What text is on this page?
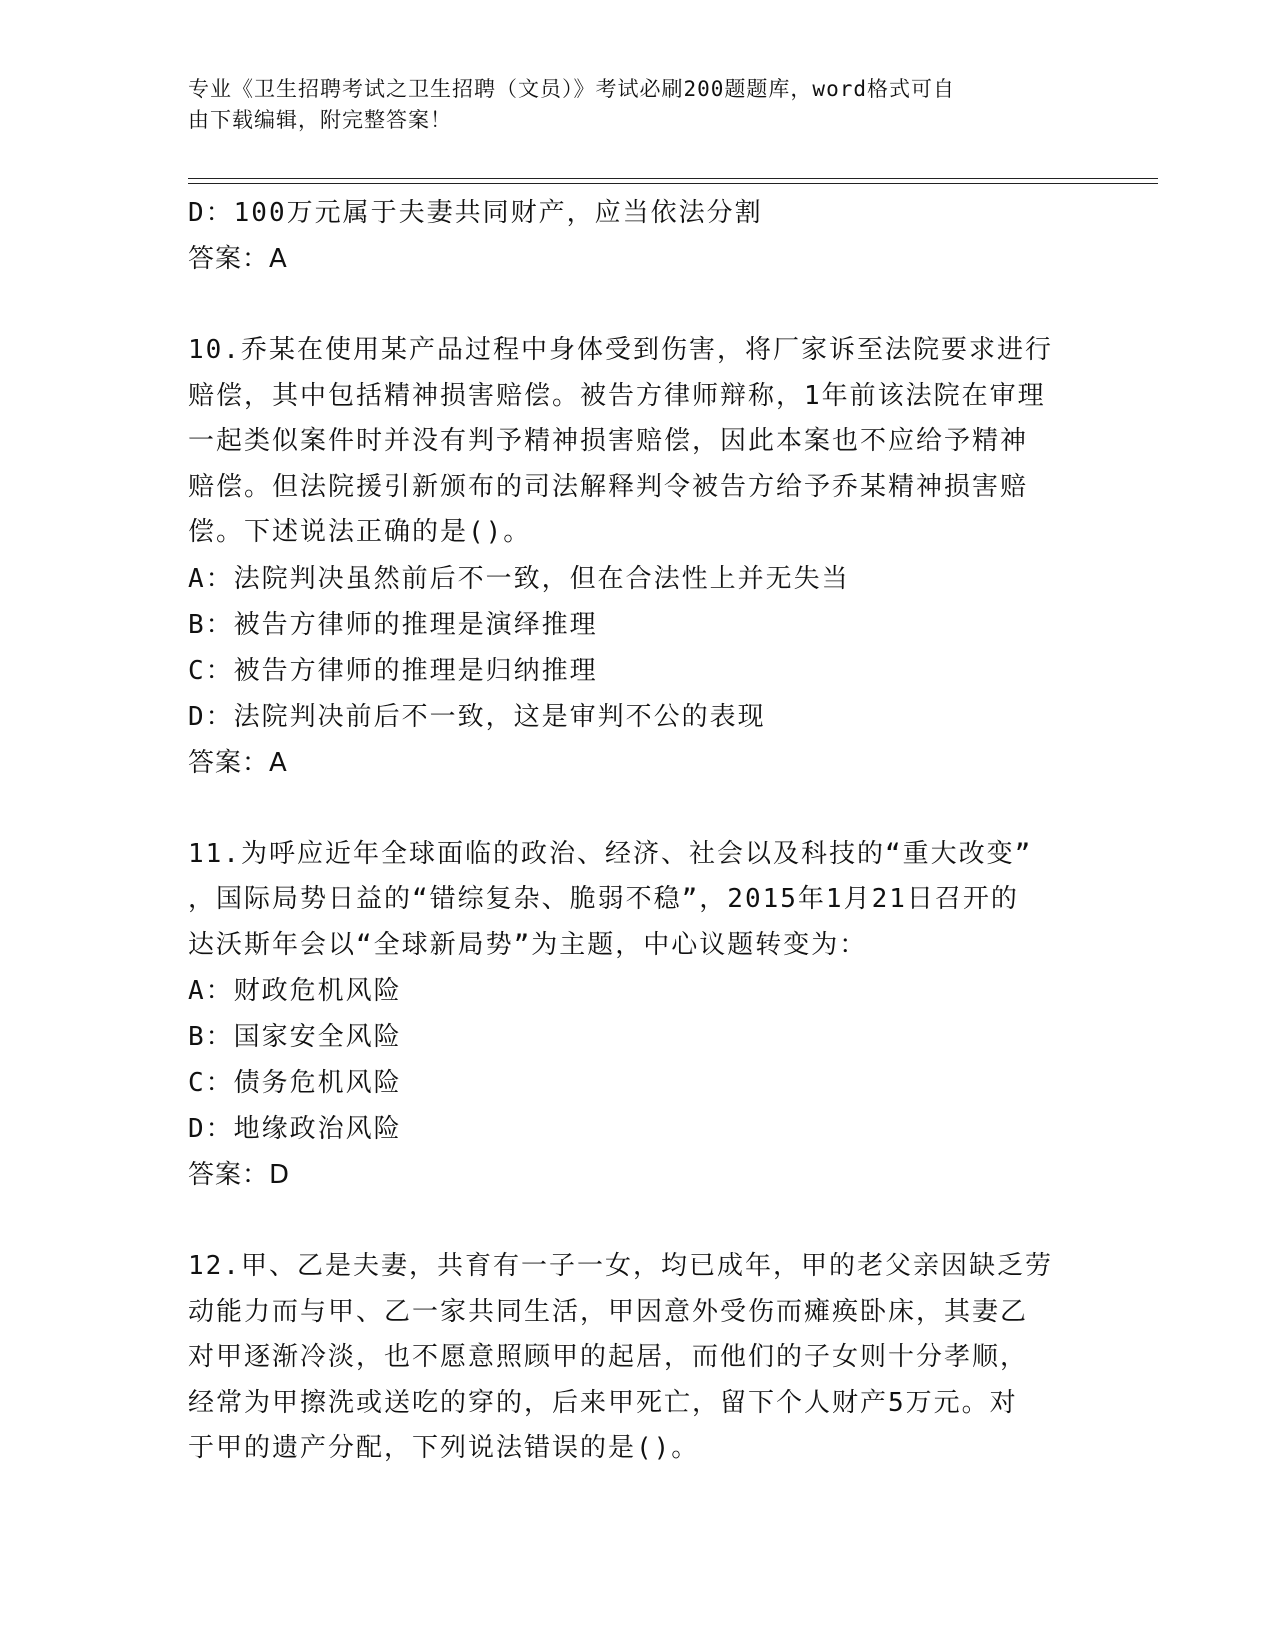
专业《卫生招聘考试之卫生招聘（文员）》考试必刷200题题库，word格式可自
由下载编辑，附完整答案！
D：100万元属于夫妻共同财产，应当依法分割
答案：A
10.乔某在使用某产品过程中身体受到伤害，将厂家诉至法院要求进行
赔偿，其中包括精神损害赔偿。被告方律师辩称，1年前该法院在审理
一起类似案件时并没有判予精神损害赔偿，因此本案也不应给予精神
赔偿。但法院援引新颁布的司法解释判令被告方给予乔某精神损害赔
偿。下述说法正确的是()。
A：法院判决虽然前后不一致，但在合法性上并无失当
B：被告方律师的推理是演绎推理
C：被告方律师的推理是归纳推理
D：法院判决前后不一致，这是审判不公的表现
答案：A
11.为呼应近年全球面临的政治、经济、社会以及科技的“重大改变”
，国际局势日益的“错综复杂、脆弱不稳”，2015年1月21日召开的
达沃斯年会以“全球新局势”为主题，中心议题转变为：
A：财政危机风险
B：国家安全风险
C：债务危机风险
D：地缘政治风险
答案：D
12.甲、乙是夫妻，共育有一子一女，均已成年，甲的老父亲因缺乏劳
动能力而与甲、乙一家共同生活，甲因意外受伤而瘫痪卧床，其妻乙
对甲逐渐冷淡，也不愿意照顾甲的起居，而他们的子女则十分孝顺，
经常为甲擦洗或送吃的穿的，后来甲死亡，留下个人财产5万元。对
于甲的遗产分配，下列说法错误的是()。
